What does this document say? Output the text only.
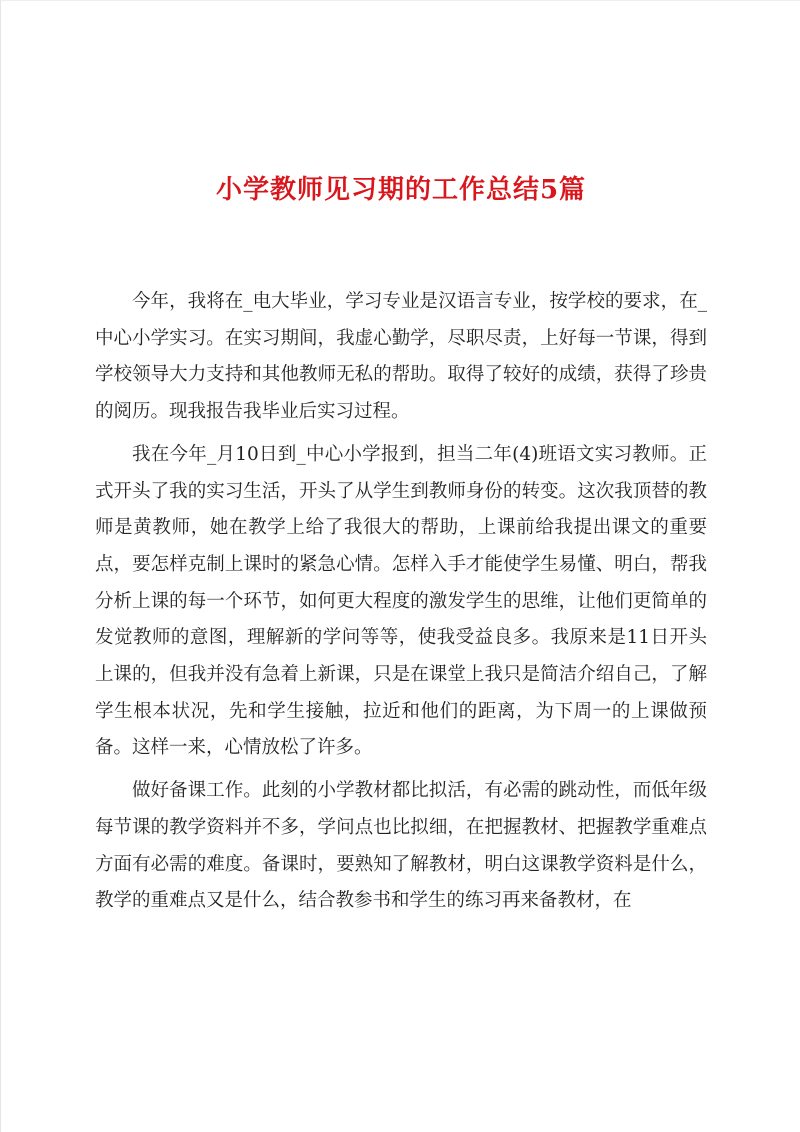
小学教师见习期的工作总结5篇

今年，我将在_电大毕业，学习专业是汉语言专业，按学校的要求，在_中心小学实习。在实习期间，我虚心勤学，尽职尽责，上好每一节课，得到学校领导大力支持和其他教师无私的帮助。取得了较好的成绩，获得了珍贵的阅历。现我报告我毕业后实习过程。

我在今年_月10日到_中心小学报到，担当二年(4)班语文实习教师。正式开头了我的实习生活，开头了从学生到教师身份的转变。这次我顶替的教师是黄教师，她在教学上给了我很大的帮助，上课前给我提出课文的重要点，要怎样克制上课时的紧急心情。怎样入手才能使学生易懂、明白，帮我分析上课的每一个环节，如何更大程度的激发学生的思维，让他们更简单的发觉教师的意图，理解新的学问等等，使我受益良多。我原来是11日开头上课的，但我并没有急着上新课，只是在课堂上我只是简洁介绍自己，了解学生根本状况，先和学生接触，拉近和他们的距离，为下周一的上课做预备。这样一来，心情放松了许多。

做好备课工作。此刻的小学教材都比拟活，有必需的跳动性，而低年级每节课的教学资料并不多，学问点也比拟细，在把握教材、把握教学重难点方面有必需的难度。备课时，要熟知了解教材，明白这课教学资料是什么，教学的重难点又是什么，结合教参书和学生的练习再来备教材，在
